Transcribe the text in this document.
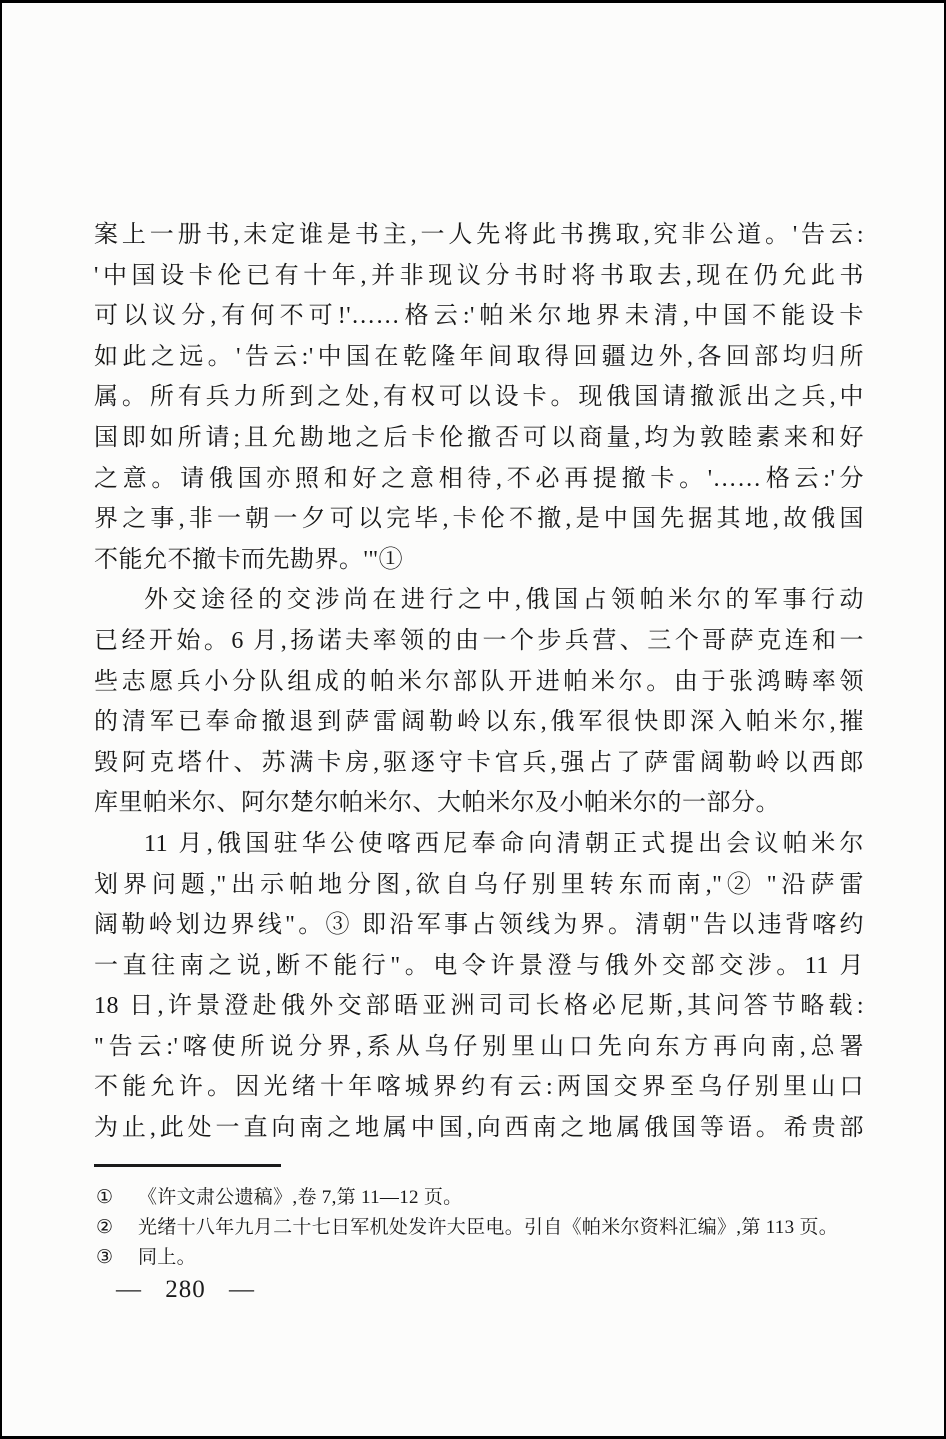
案上一册书,未定谁是书主,一人先将此书携取,究非公道。'告云:
'中国设卡伦已有十年,并非现议分书时将书取去,现在仍允此书
可以议分,有何不可!'……格云:'帕米尔地界未清,中国不能设卡
如此之远。'告云:'中国在乾隆年间取得回疆边外,各回部均归所
属。所有兵力所到之处,有权可以设卡。现俄国请撤派出之兵,中
国即如所请;且允勘地之后卡伦撤否可以商量,均为敦睦素来和好
之意。请俄国亦照和好之意相待,不必再提撤卡。'……格云:'分
界之事,非一朝一夕可以完毕,卡伦不撤,是中国先据其地,故俄国
不能允不撤卡而先勘界。'"①
外交途径的交涉尚在进行之中,俄国占领帕米尔的军事行动
已经开始。6 月,扬诺夫率领的由一个步兵营、三个哥萨克连和一
些志愿兵小分队组成的帕米尔部队开进帕米尔。由于张鸿畴率领
的清军已奉命撤退到萨雷阔勒岭以东,俄军很快即深入帕米尔,摧
毁阿克塔什、苏满卡房,驱逐守卡官兵,强占了萨雷阔勒岭以西郎
库里帕米尔、阿尔楚尔帕米尔、大帕米尔及小帕米尔的一部分。
11 月,俄国驻华公使喀西尼奉命向清朝正式提出会议帕米尔
划界问题,"出示帕地分图,欲自乌仔别里转东而南,"② "沿萨雷
阔勒岭划边界线"。③ 即沿军事占领线为界。清朝"告以违背喀约
一直往南之说,断不能行"。电令许景澄与俄外交部交涉。11 月
18 日,许景澄赴俄外交部晤亚洲司司长格必尼斯,其问答节略载:
"告云:'喀使所说分界,系从乌仔别里山口先向东方再向南,总署
不能允许。因光绪十年喀城界约有云:两国交界至乌仔别里山口
为止,此处一直向南之地属中国,向西南之地属俄国等语。希贵部
①	《许文肃公遗稿》,卷 7,第 11—12 页。
②	光绪十八年九月二十七日军机处发许大臣电。引自《帕米尔资料汇编》,第 113 页。
③	同上。
— 280 —
